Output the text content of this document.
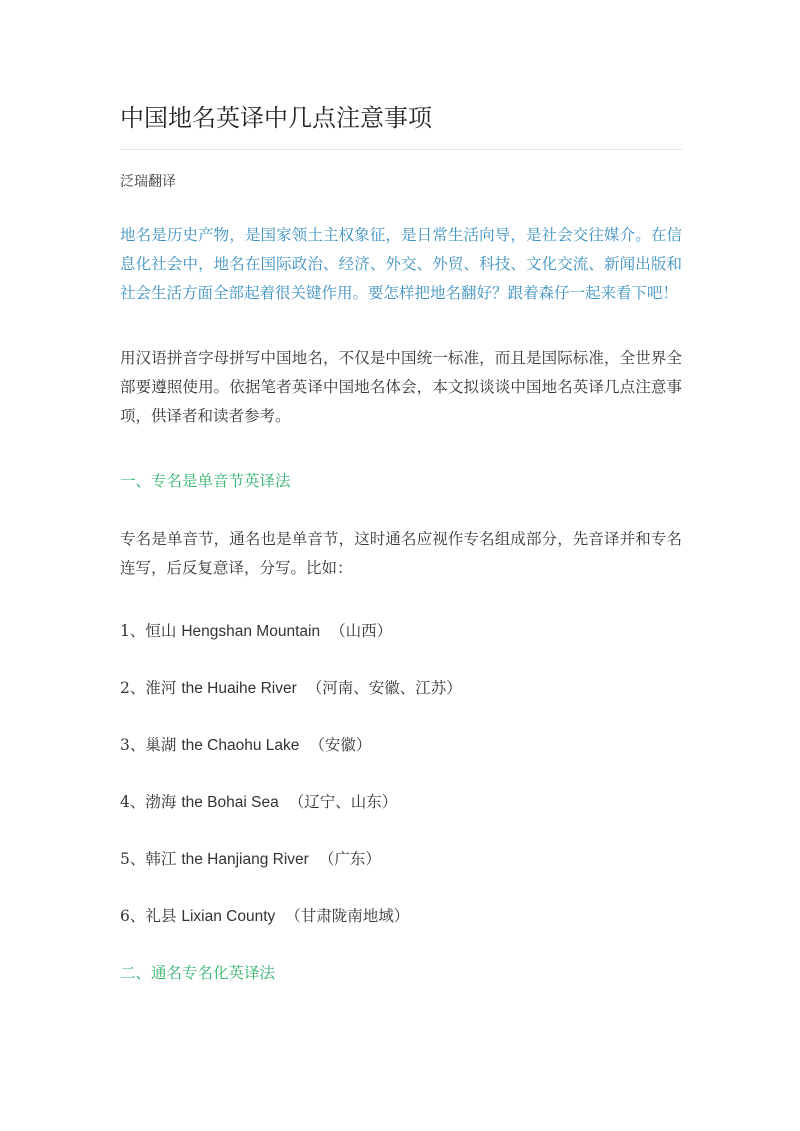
中国地名英译中几点注意事项
泛瑞翻译

地名是历史产物，是国家领土主权象征，是日常生活向导，是社会交往媒介。在信息化社会中，地名在国际政治、经济、外交、外贸、科技、文化交流、新闻出版和社会生活方面全部起着很关键作用。要怎样把地名翻好？跟着森仔一起来看下吧！

用汉语拼音字母拼写中国地名，不仅是中国统一标准，而且是国际标准，全世界全部要遵照使用。依据笔者英译中国地名体会，本文拟谈谈中国地名英译几点注意事项，供译者和读者参考。

一、专名是单音节英译法

专名是单音节，通名也是单音节，这时通名应视作专名组成部分，先音译并和专名连写，后反复意译，分写。比如：

1、恒山 Hengshan Mountain （山西）
2、淮河 the Huaihe River （河南、安徽、江苏）
3、巢湖 the Chaohu Lake （安徽）
4、渤海 the Bohai Sea （辽宁、山东）
5、韩江 the Hanjiang River （广东）
6、礼县 Lixian County （甘肃陇南地域）
二、通名专名化英译法
